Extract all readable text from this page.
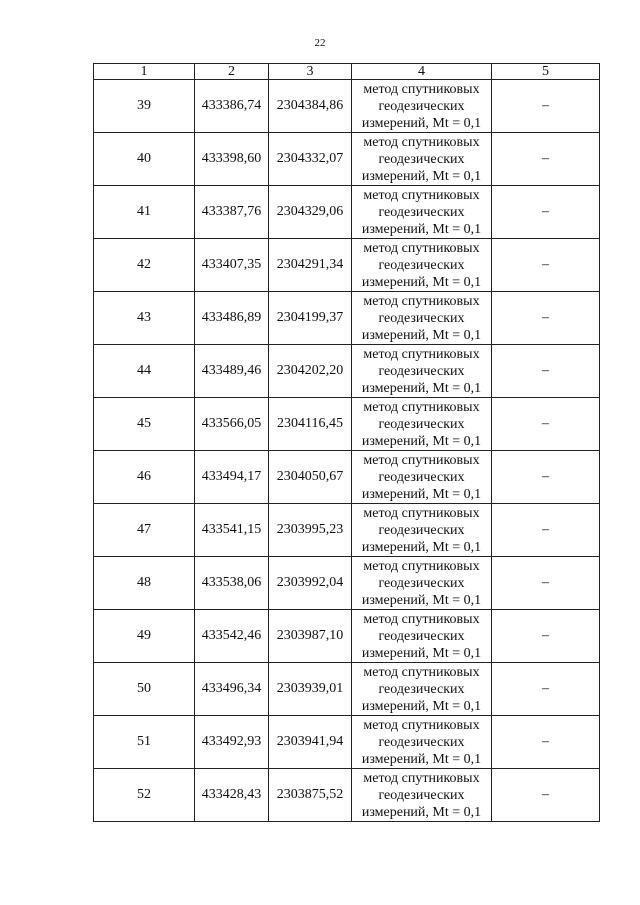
22
1	2	3	4	5
39	433386,74	2304384,86	метод спутниковых
геодезических
измерений, Mt = 0,1	–
40	433398,60	2304332,07	метод спутниковых
геодезических
измерений, Mt = 0,1	–
41	433387,76	2304329,06	метод спутниковых
геодезических
измерений, Mt = 0,1	–
42	433407,35	2304291,34	метод спутниковых
геодезических
измерений, Mt = 0,1	–
43	433486,89	2304199,37	метод спутниковых
геодезических
измерений, Mt = 0,1	–
44	433489,46	2304202,20	метод спутниковых
геодезических
измерений, Mt = 0,1	–
45	433566,05	2304116,45	метод спутниковых
геодезических
измерений, Mt = 0,1	–
46	433494,17	2304050,67	метод спутниковых
геодезических
измерений, Mt = 0,1	–
47	433541,15	2303995,23	метод спутниковых
геодезических
измерений, Mt = 0,1	–
48	433538,06	2303992,04	метод спутниковых
геодезических
измерений, Mt = 0,1	–
49	433542,46	2303987,10	метод спутниковых
геодезических
измерений, Mt = 0,1	–
50	433496,34	2303939,01	метод спутниковых
геодезических
измерений, Mt = 0,1	–
51	433492,93	2303941,94	метод спутниковых
геодезических
измерений, Mt = 0,1	–
52	433428,43	2303875,52	метод спутниковых
геодезических
измерений, Mt = 0,1	–
